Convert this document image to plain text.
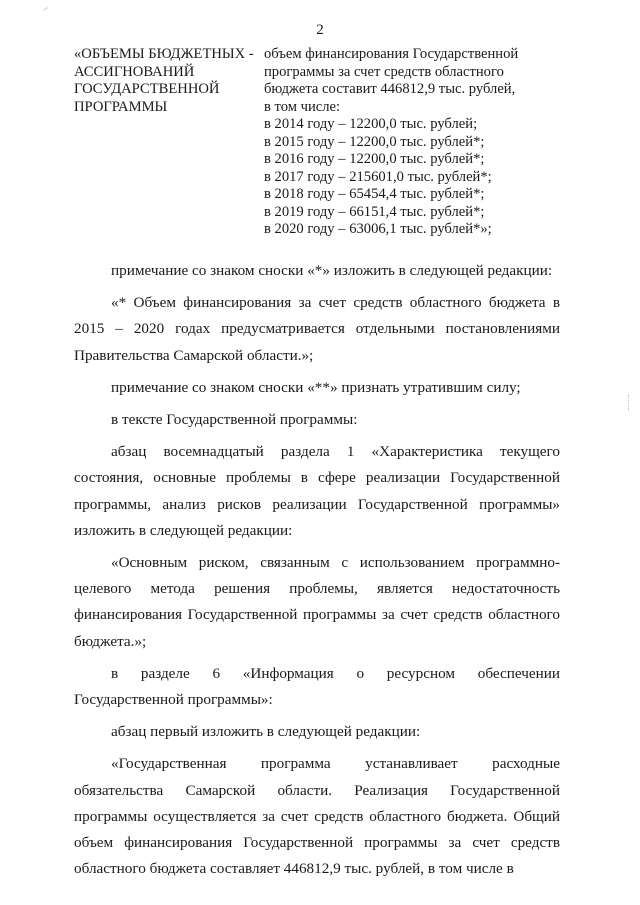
2
«ОБЪЕМЫ БЮДЖЕТНЫХ -
АССИГНОВАНИЙ
ГОСУДАРСТВЕННОЙ
ПРОГРАММЫ
объем финансирования Государственной
программы за счет средств областного
бюджета составит 446812,9 тыс. рублей,
в том числе:
в 2014 году – 12200,0 тыс. рублей;
в 2015 году – 12200,0 тыс. рублей*;
в 2016 году – 12200,0 тыс. рублей*;
в 2017 году – 215601,0 тыс. рублей*;
в 2018 году – 65454,4 тыс. рублей*;
в 2019 году – 66151,4 тыс. рублей*;
в 2020 году – 63006,1 тыс. рублей*»;

примечание со знаком сноски «*» изложить в следующей редакции:

«* Объем финансирования за счет средств областного бюджета в 2015 – 2020 годах предусматривается отдельными постановлениями Правительства Самарской области.»;

примечание со знаком сноски «**» признать утратившим силу;

в тексте Государственной программы:

абзац восемнадцатый раздела 1 «Характеристика текущего состояния, основные проблемы в сфере реализации Государственной программы, анализ рисков реализации Государственной программы» изложить в следующей редакции:

«Основным риском, связанным с использованием программно-целевого метода решения проблемы, является недостаточность финансирования Государственной программы за счет средств областного бюджета.»;

в разделе 6 «Информация о ресурсном обеспечении Государственной программы»:

абзац первый изложить в следующей редакции:

«Государственная программа устанавливает расходные обязательства Самарской области. Реализация Государственной программы осуществляется за счет средств областного бюджета. Общий объем финансирования Государственной программы за счет средств областного бюджета составляет 446812,9 тыс. рублей, в том числе в
